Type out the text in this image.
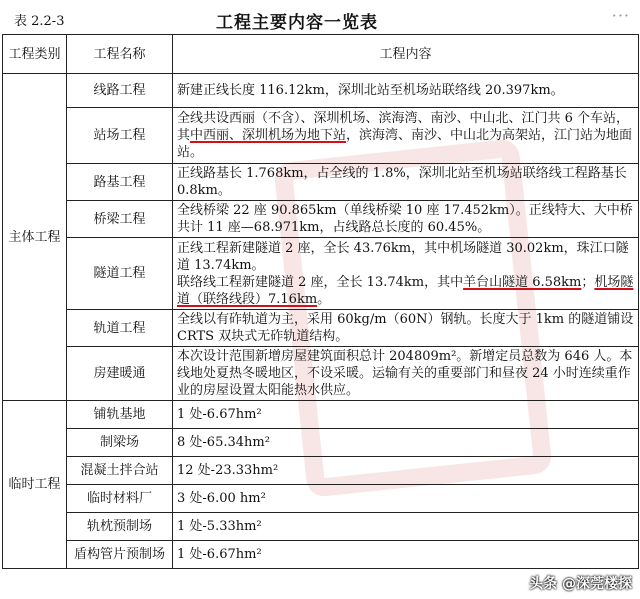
表 2.2-3	工程主要内容一览表	···
工程类别	工程名称	工程内容
主体工程	线路工程	新建正线长度 116.12km，深圳北站至机场站联络线 20.397km。
	站场工程	全线共设西丽（不含）、深圳机场、滨海湾、南沙、中山北、江门共 6 个车站，其中西丽、深圳机场为地下站，滨海湾、南沙、中山北为高架站，江门站为地面站。
	路基工程	正线路基长 1.768km，占全线的 1.8%，深圳北站至机场站联络线工程路基长 0.8km。
	桥梁工程	全线桥梁 22 座 90.865km（单线桥梁 10 座 17.452km）。正线特大、大中桥共计 11 座—68.971km，占线路总长度的 60.45%。
	隧道工程	正线工程新建隧道 2 座，全长 43.76km，其中机场隧道 30.02km，珠江口隧道 13.74km。
联络线工程新建隧道 2 座，全长 13.74km，其中羊台山隧道 6.58km；机场隧道（联络线段）7.16km。

	轨道工程	全线以有砟轨道为主，采用 60kg/m（60N）钢轨。长度大于 1km 的隧道铺设 CRTS 双块式无砟轨道结构。
	房建暖通	本次设计范围新增房屋建筑面积总计 204809m²。新增定员总数为 646 人。本线地处夏热冬暖地区，不设采暖。运输有关的重要部门和昼夜 24 小时连续重作业的房屋设置太阳能热水供应。
临时工程	铺轨基地	1 处-6.67hm²
	制梁场	8 处-65.34hm²
	混凝土拌合站	12 处-23.33hm²
	临时材料厂	3 处-6.00 hm²
	轨枕预制场	1 处-5.33hm²
	盾构管片预制场	1 处-6.67hm²
头条 @深莞楼探
